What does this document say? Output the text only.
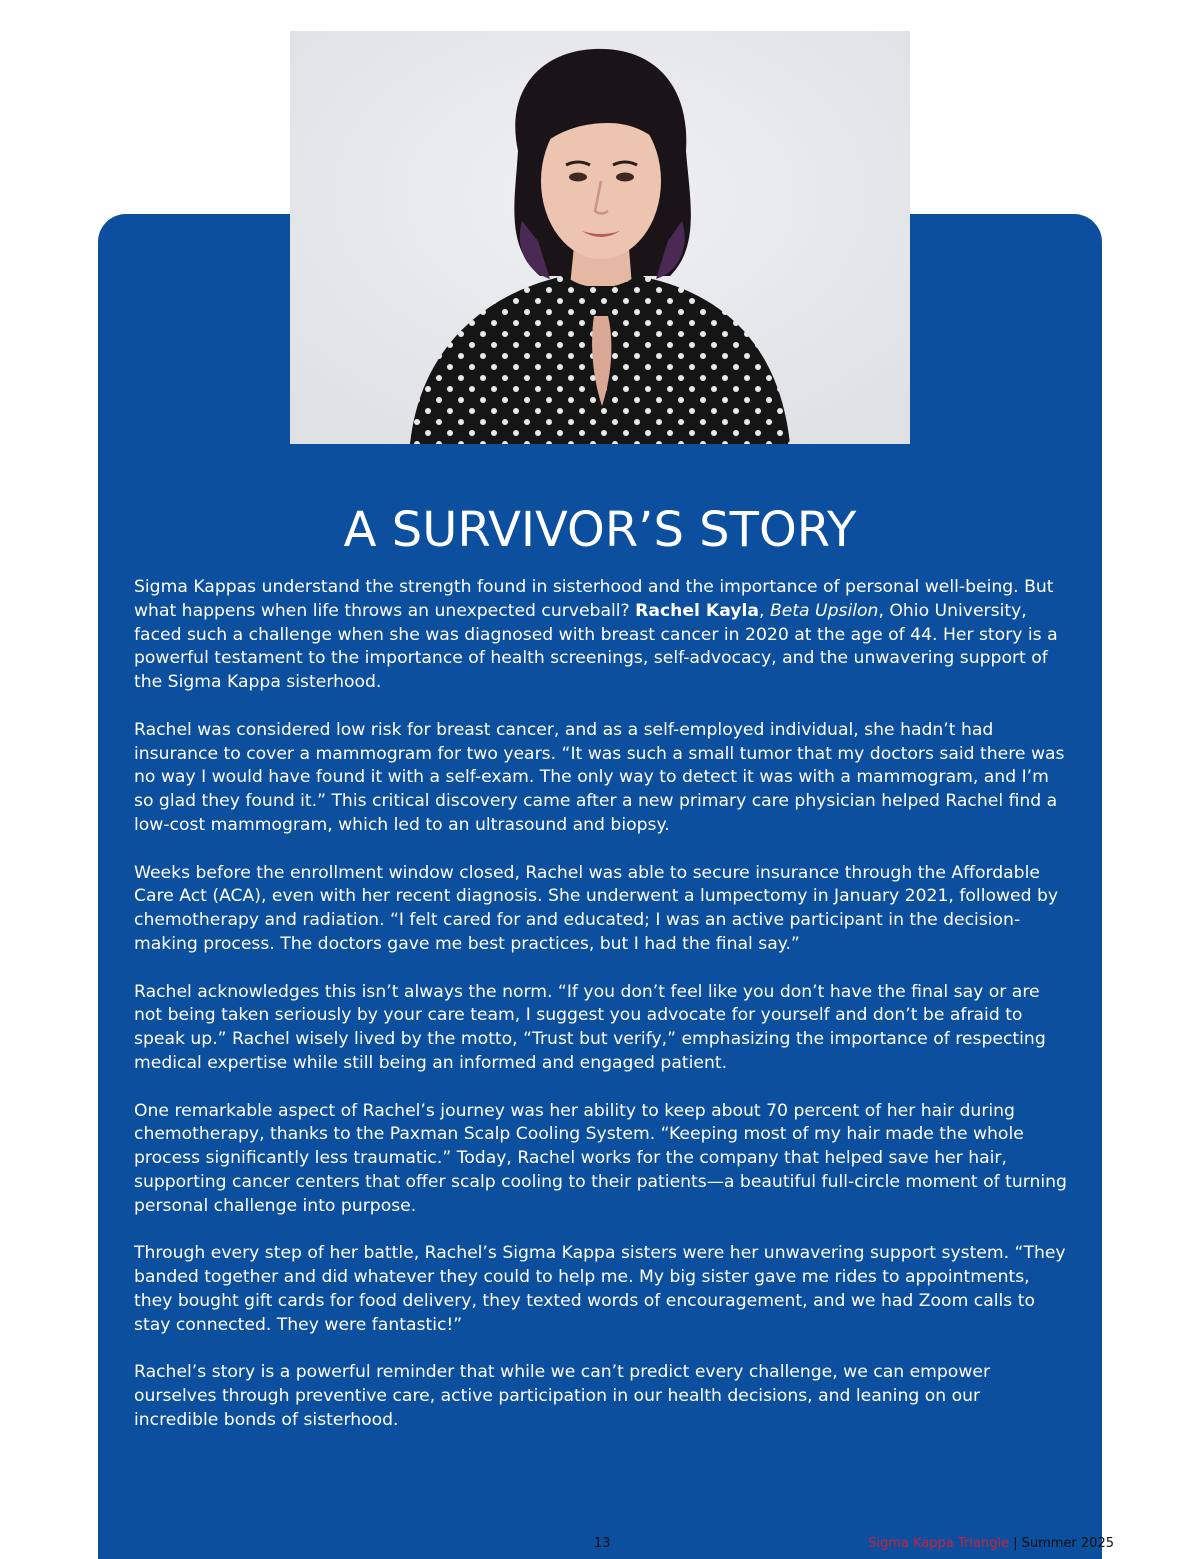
A SURVIVOR’S STORY

Sigma Kappas understand the strength found in sisterhood and the importance of personal well-being. But what happens when life throws an unexpected curveball? Rachel Kayla, Beta Upsilon, Ohio University, faced such a challenge when she was diagnosed with breast cancer in 2020 at the age of 44. Her story is a powerful testament to the importance of health screenings, self-advocacy, and the unwavering support of the Sigma Kappa sisterhood.

Rachel was considered low risk for breast cancer, and as a self-employed individual, she hadn’t had insurance to cover a mammogram for two years. “It was such a small tumor that my doctors said there was no way I would have found it with a self-exam. The only way to detect it was with a mammogram, and I’m so glad they found it.” This critical discovery came after a new primary care physician helped Rachel find a low-cost mammogram, which led to an ultrasound and biopsy.

Weeks before the enrollment window closed, Rachel was able to secure insurance through the Affordable Care Act (ACA), even with her recent diagnosis. She underwent a lumpectomy in January 2021, followed by chemotherapy and radiation. “I felt cared for and educated; I was an active participant in the decision-making process. The doctors gave me best practices, but I had the final say.”

Rachel acknowledges this isn’t always the norm. “If you don’t feel like you don’t have the final say or are not being taken seriously by your care team, I suggest you advocate for yourself and don’t be afraid to speak up.” Rachel wisely lived by the motto, “Trust but verify,” emphasizing the importance of respecting medical expertise while still being an informed and engaged patient.

One remarkable aspect of Rachel’s journey was her ability to keep about 70 percent of her hair during chemotherapy, thanks to the Paxman Scalp Cooling System. “Keeping most of my hair made the whole process significantly less traumatic.” Today, Rachel works for the company that helped save her hair, supporting cancer centers that offer scalp cooling to their patients—a beautiful full-circle moment of turning personal challenge into purpose.

Through every step of her battle, Rachel’s Sigma Kappa sisters were her unwavering support system. “They banded together and did whatever they could to help me. My big sister gave me rides to appointments, they bought gift cards for food delivery, they texted words of encouragement, and we had Zoom calls to stay connected. They were fantastic!”

Rachel’s story is a powerful reminder that while we can’t predict every challenge, we can empower ourselves through preventive care, active participation in our health decisions, and leaning on our incredible bonds of sisterhood.

13	Sigma Kappa Triangle | Summer 2025
